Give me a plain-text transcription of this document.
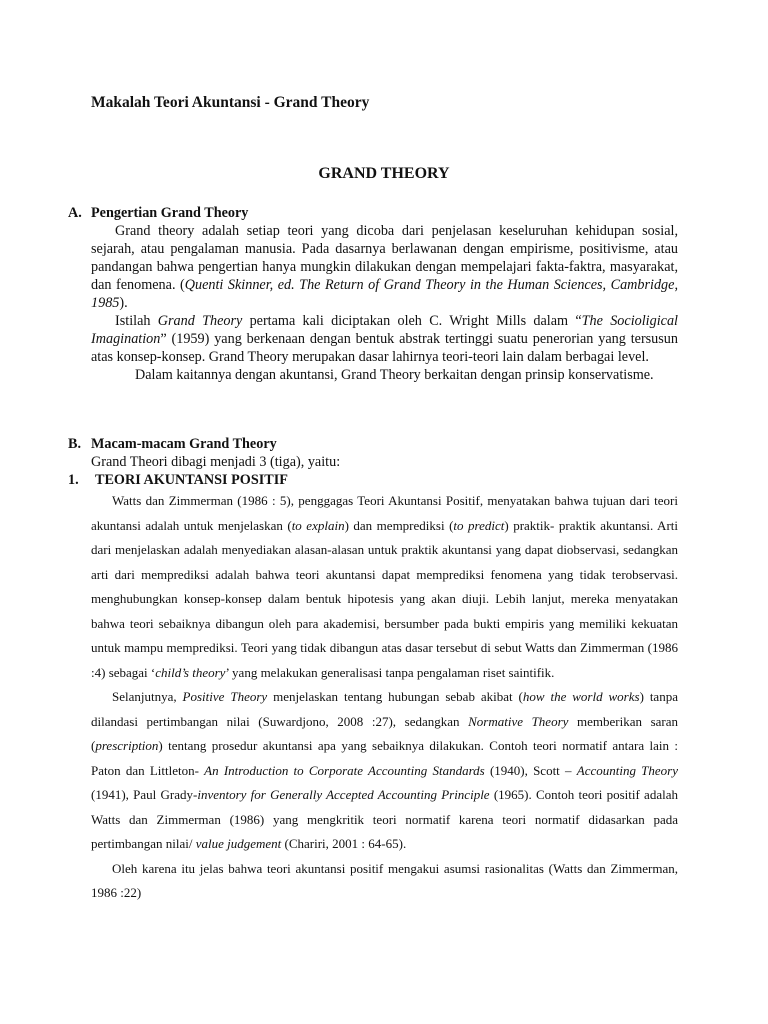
Makalah Teori Akuntansi - Grand Theory

GRAND THEORY

A. Pengertian Grand Theory

Grand theory adalah setiap teori yang dicoba dari penjelasan keseluruhan kehidupan sosial, sejarah, atau pengalaman manusia. Pada dasarnya berlawanan dengan empirisme, positivisme, atau pandangan bahwa pengertian hanya mungkin dilakukan dengan mempelajari fakta-faktra, masyarakat, dan fenomena. (Quenti Skinner, ed. The Return of Grand Theory in the Human Sciences, Cambridge, 1985).

Istilah Grand Theory pertama kali diciptakan oleh C. Wright Mills dalam “The Socioligical Imagination” (1959) yang berkenaan dengan bentuk abstrak tertinggi suatu penerorian yang tersusun atas konsep-konsep. Grand Theory merupakan dasar lahirnya teori-teori lain dalam berbagai level.

Dalam kaitannya dengan akuntansi, Grand Theory berkaitan dengan prinsip konservatisme.

B. Macam-macam Grand Theory

Grand Theori dibagi menjadi 3 (tiga), yaitu:

1. TEORI AKUNTANSI POSITIF

Watts dan Zimmerman (1986 : 5), penggagas Teori Akuntansi Positif, menyatakan bahwa tujuan dari teori akuntansi adalah untuk menjelaskan (to explain) dan memprediksi (to predict) praktik- praktik akuntansi. Arti dari menjelaskan adalah menyediakan alasan-alasan untuk praktik akuntansi yang dapat diobservasi, sedangkan arti dari memprediksi adalah bahwa teori akuntansi dapat memprediksi fenomena yang tidak terobservasi. menghubungkan konsep-konsep dalam bentuk hipotesis yang akan diuji. Lebih lanjut, mereka menyatakan bahwa teori sebaiknya dibangun oleh para akademisi, bersumber pada bukti empiris yang memiliki kekuatan untuk mampu memprediksi. Teori yang tidak dibangun atas dasar tersebut di sebut Watts dan Zimmerman (1986 :4) sebagai ‘child’s theory’ yang melakukan generalisasi tanpa pengalaman riset saintifik.

Selanjutnya, Positive Theory menjelaskan tentang hubungan sebab akibat (how the world works) tanpa dilandasi pertimbangan nilai (Suwardjono, 2008 :27), sedangkan Normative Theory memberikan saran (prescription) tentang prosedur akuntansi apa yang sebaiknya dilakukan. Contoh teori normatif antara lain : Paton dan Littleton- An Introduction to Corporate Accounting Standards (1940), Scott – Accounting Theory (1941), Paul Grady-inventory for Generally Accepted Accounting Principle (1965). Contoh teori positif adalah Watts dan Zimmerman (1986) yang mengkritik teori normatif karena teori normatif didasarkan pada pertimbangan nilai/ value judgement (Chariri, 2001 : 64-65).

Oleh karena itu jelas bahwa teori akuntansi positif mengakui asumsi rasionalitas (Watts dan Zimmerman, 1986 :22)
